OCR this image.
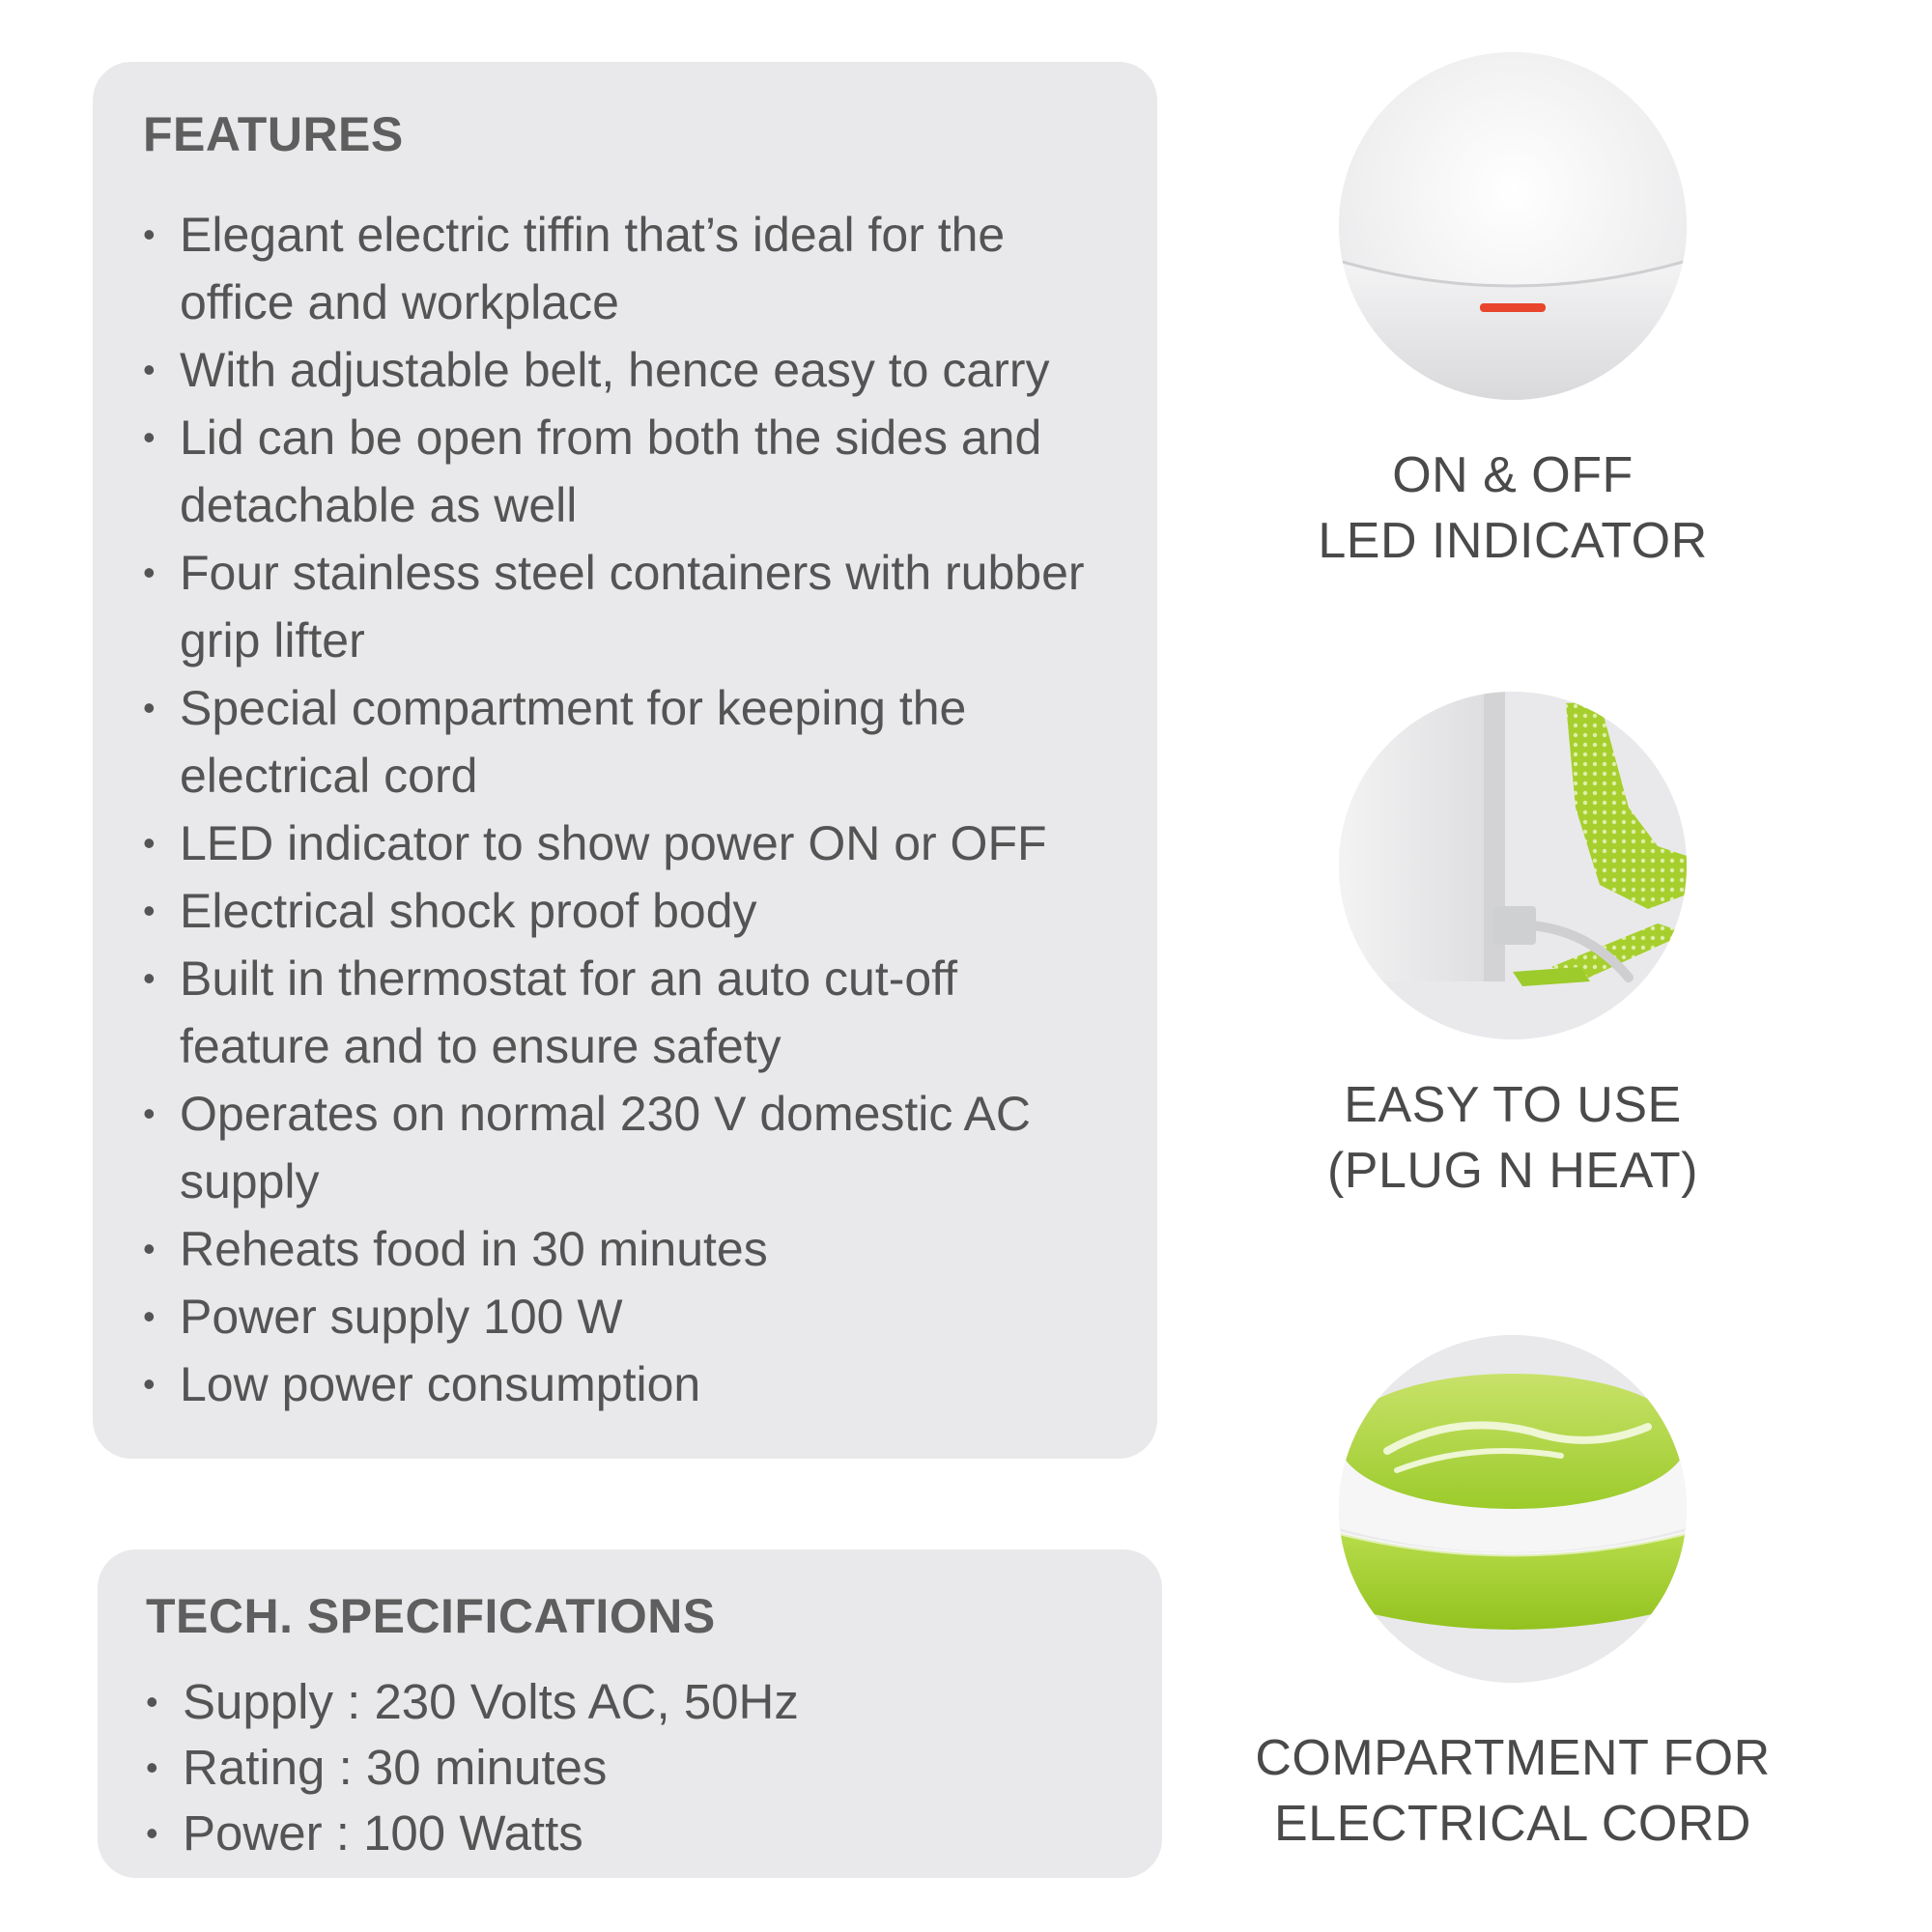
FEATURES
• Elegant electric tiffin that’s ideal for the office and workplace
• With adjustable belt, hence easy to carry
• Lid can be open from both the sides and detachable as well
• Four stainless steel containers with rubber grip lifter
• Special compartment for keeping the electrical cord
• LED indicator to show power ON or OFF
• Electrical shock proof body
• Built in thermostat for an auto cut-off feature and to ensure safety
• Operates on normal 230 V domestic AC supply
• Reheats food in 30 minutes
• Power supply 100 W
• Low power consumption
TECH. SPECIFICATIONS
• Supply : 230 Volts AC, 50Hz
• Rating : 30 minutes
• Power : 100 Watts
ON & OFF
LED INDICATOR
EASY TO USE
(PLUG N HEAT)
COMPARTMENT FOR
ELECTRICAL CORD
